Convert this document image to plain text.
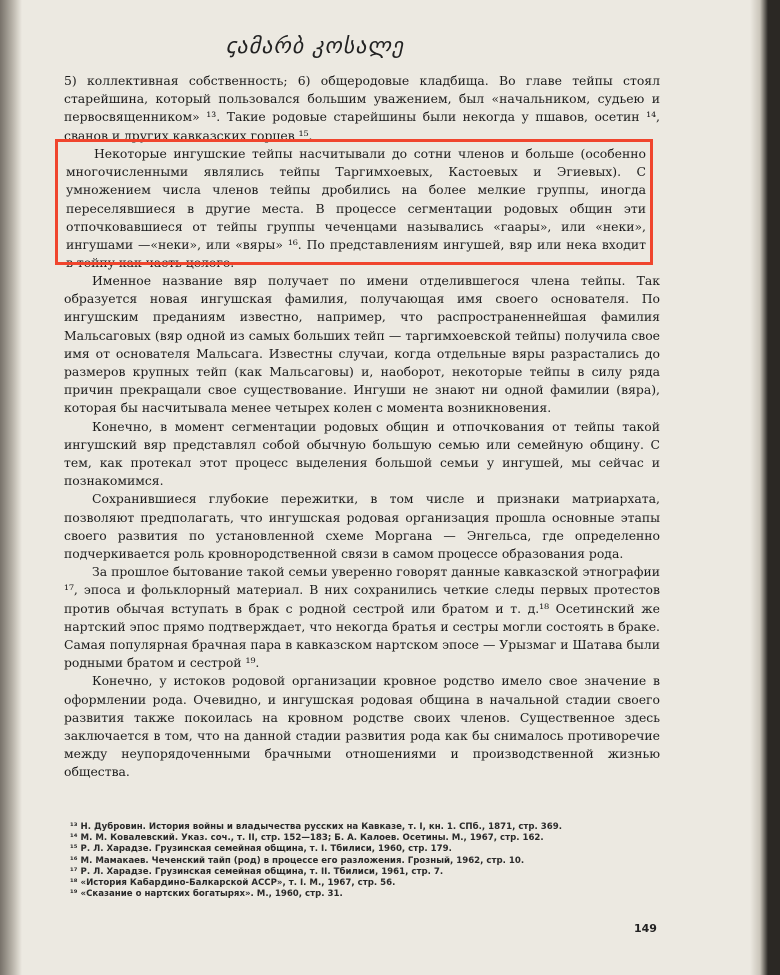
ꞔამარბ კოსალე

5) коллективная собственность; 6) общеродовые кладбища. Во главе тейпы стоял старейшина, который пользовался большим уважением, был «начальником, судьею и первосвященником» ¹³. Такие родовые старейшины были некогда у пшавов, осетин ¹⁴, сванов и других кавказских горцев ¹⁵.

Некоторые ингушские тейпы насчитывали до сотни членов и больше (особенно многочисленными являлись тейпы Таргимхоевых, Кастоевых и Эгиевых). С умножением числа членов тейпы дробились на более мелкие группы, иногда переселявшиеся в другие места. В процессе сегментации родовых общин эти отпочковавшиеся от тейпы группы чеченцами назывались «гаары», или «неки», ингушами —«неки», или «вяры» ¹⁶. По представлениям ингушей, вяр или нека входит в тейпу как часть целого.

Именное название вяр получает по имени отделившегося члена тейпы. Так образуется новая ингушская фамилия, получающая имя своего основателя. По ингушским преданиям известно, например, что распространеннейшая фамилия Мальсаговых (вяр одной из самых больших тейп — таргимхоевской тейпы) получила свое имя от основателя Мальсага. Известны случаи, когда отдельные вяры разрастались до размеров крупных тейп (как Мальсаговы) и, наоборот, некоторые тейпы в силу ряда причин прекращали свое существование. Ингуши не знают ни одной фамилии (вяра), которая бы насчитывала менее четырех колен с момента возникновения.

Конечно, в момент сегментации родовых общин и отпочкования от тейпы такой ингушский вяр представлял собой обычную большую семью или семейную общину. С тем, как протекал этот процесс выделения большой семьи у ингушей, мы сейчас и познакомимся.

Сохранившиеся глубокие пережитки, в том числе и признаки матриархата, позволяют предполагать, что ингушская родовая организация прошла основные этапы своего развития по установленной схеме Моргана — Энгельса, где определенно подчеркивается роль кровнородственной связи в самом процессе образования рода.

За прошлое бытование такой семьи уверенно говорят данные кавказской этнографии ¹⁷, эпоса и фольклорный материал. В них сохранились четкие следы первых протестов против обычая вступать в брак с родной сестрой или братом и т. д.¹⁸ Осетинский же нартский эпос прямо подтверждает, что некогда братья и сестры могли состоять в браке. Самая популярная брачная пара в кавказском нартском эпосе — Урызмаг и Шатава были родными братом и сестрой ¹⁹.

Конечно, у истоков родовой организации кровное родство имело свое значение в оформлении рода. Очевидно, и ингушская родовая община в начальной стадии своего развития также покоилась на кровном родстве своих членов. Существенное здесь заключается в том, что на данной стадии развития рода как бы снималось противоречие между неупорядоченными брачными отношениями и производственной жизнью общества.

¹³ Н. Дубровин. История войны и владычества русских на Кавказе, т. I, кн. 1. СПб., 1871, стр. 369.
¹⁴ М. М. Ковалевский. Указ. соч., т. II, стр. 152—183; Б. А. Калоев. Осетины. М., 1967, стр. 162.
¹⁵ Р. Л. Харадзе. Грузинская семейная община, т. I. Тбилиси, 1960, стр. 179.
¹⁶ М. Мамакаев. Чеченский тайп (род) в процессе его разложения. Грозный, 1962, стр. 10.
¹⁷ Р. Л. Харадзе. Грузинская семейная община, т. II. Тбилиси, 1961, стр. 7.
¹⁸ «История Кабардино-Балкарской АССР», т. I. М., 1967, стр. 56.
¹⁹ «Сказание о нартских богатырях». М., 1960, стр. 31.
149
